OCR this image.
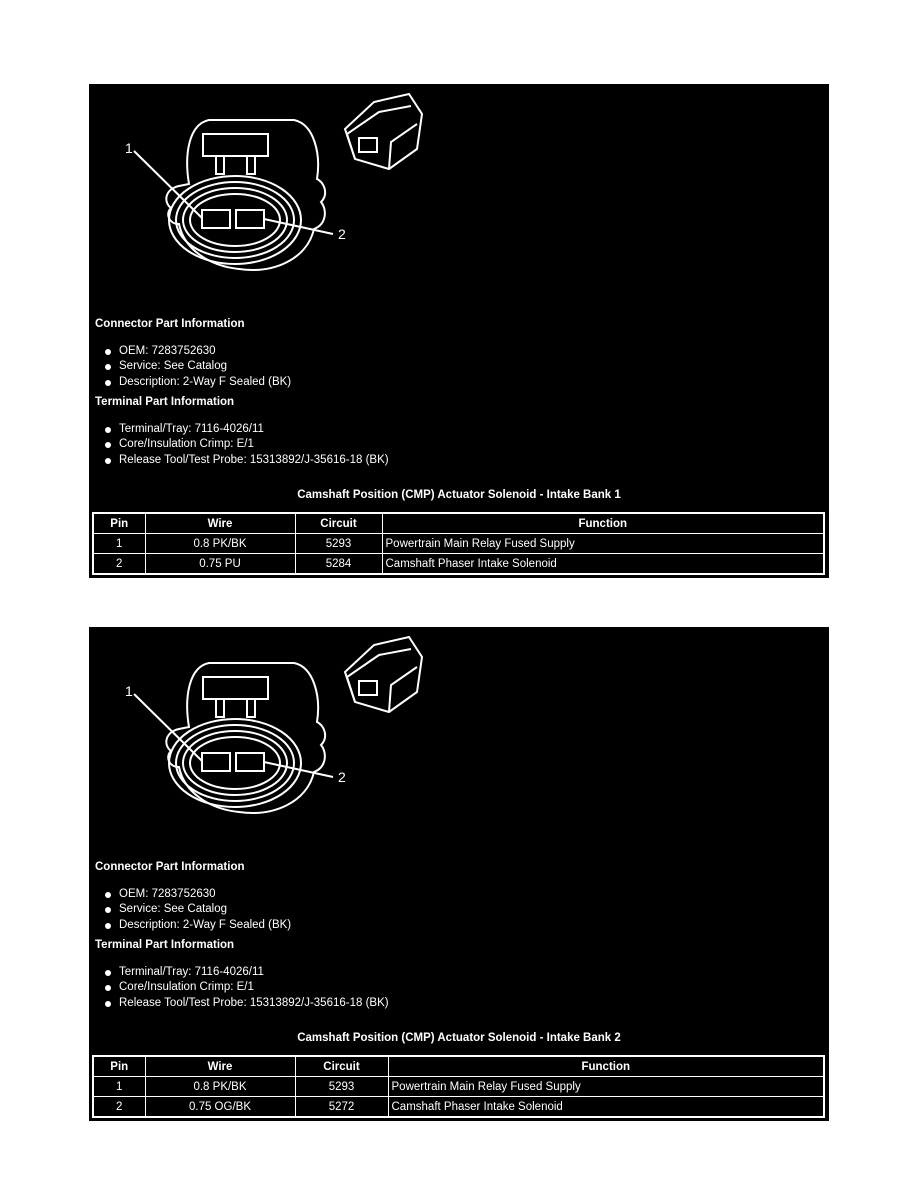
1
2
Connector Part Information
OEM: 7283752630
Service: See Catalog
Description: 2-Way F Sealed (BK)
Terminal Part Information
Terminal/Tray: 7116-4026/11
Core/Insulation Crimp: E/1
Release Tool/Test Probe: 15313892/J-35616-18 (BK)
Camshaft Position (CMP) Actuator Solenoid - Intake Bank 1
Pin	Wire	Circuit	Function
1	0.8 PK/BK	5293	Powertrain Main Relay Fused Supply
2	0.75 PU	5284	Camshaft Phaser Intake Solenoid
1
2
Connector Part Information
OEM: 7283752630
Service: See Catalog
Description: 2-Way F Sealed (BK)
Terminal Part Information
Terminal/Tray: 7116-4026/11
Core/Insulation Crimp: E/1
Release Tool/Test Probe: 15313892/J-35616-18 (BK)
Camshaft Position (CMP) Actuator Solenoid - Intake Bank 2
Pin	Wire	Circuit	Function
1	0.8 PK/BK	5293	Powertrain Main Relay Fused Supply
2	0.75 OG/BK	5272	Camshaft Phaser Intake Solenoid
